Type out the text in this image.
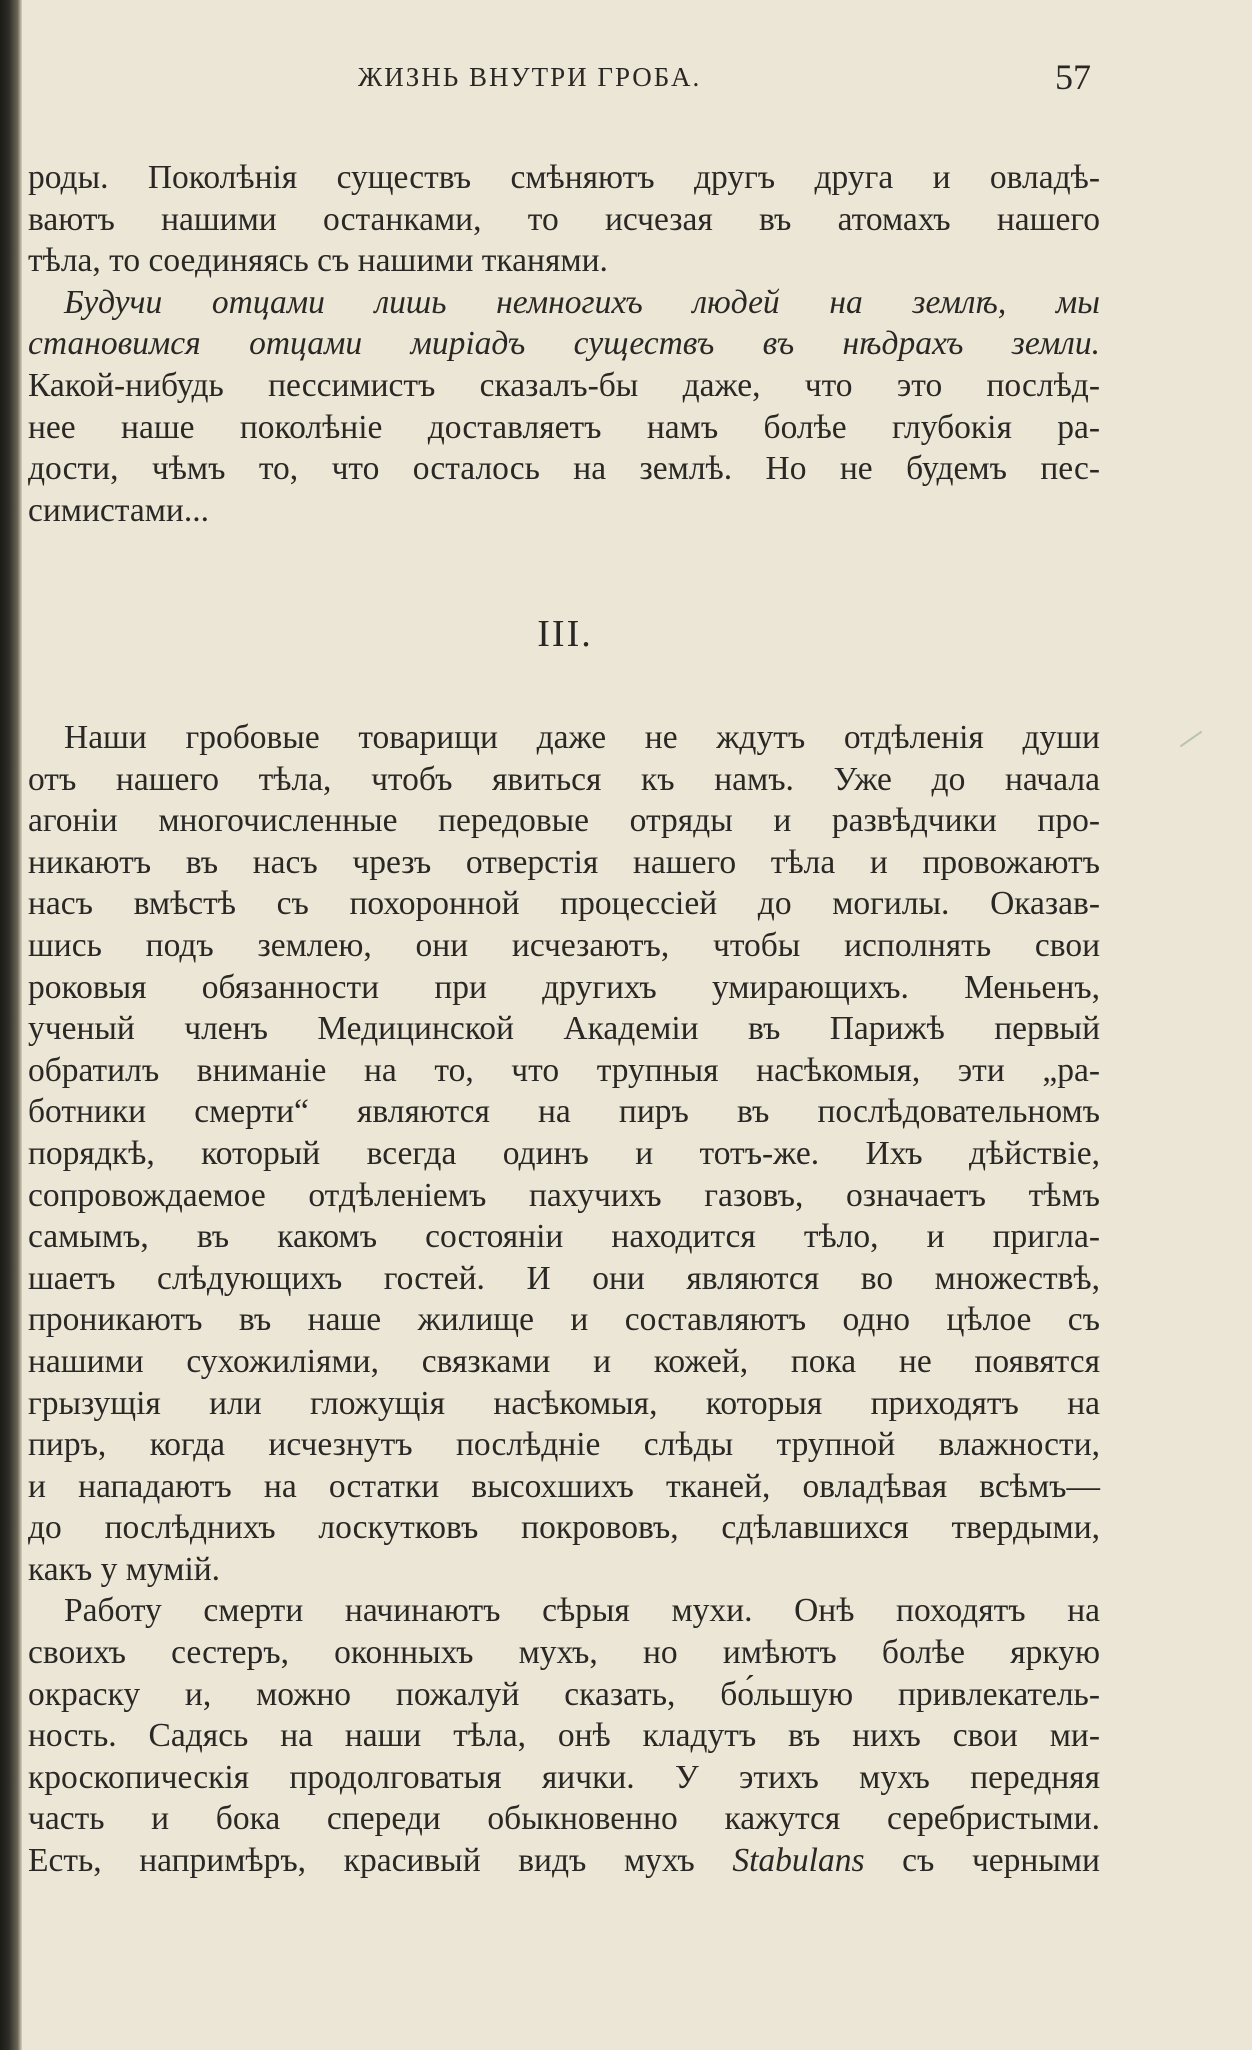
ЖИЗНЬ ВНУТРИ ГРОБА.	57
роды. Поколѣнія существъ смѣняютъ другъ друга и овладѣ-
ваютъ нашими останками, то исчезая въ атомахъ нашего
тѣла, то соединяясь съ нашими тканями.
Будучи отцами лишь немногихъ людей на землѣ, мы
становимся отцами миріадъ существъ въ нѣдрахъ земли.
Какой-нибудь пессимистъ сказалъ-бы даже, что это послѣд-
нее наше поколѣніе доставляетъ намъ болѣе глубокія ра-
дости, чѣмъ то, что осталось на землѣ. Но не будемъ пес-
симистами...
III.
Наши гробовые товарищи даже не ждутъ отдѣленія души
отъ нашего тѣла, чтобъ явиться къ намъ. Уже до начала
агоніи многочисленные передовые отряды и развѣдчики про-
никаютъ въ насъ чрезъ отверстія нашего тѣла и провожаютъ
насъ вмѣстѣ съ похоронной процессіей до могилы. Оказав-
шись подъ землею, они исчезаютъ, чтобы исполнять свои
роковыя обязанности при другихъ умирающихъ. Меньенъ,
ученый членъ Медицинской Академіи въ Парижѣ первый
обратилъ вниманіе на то, что трупныя насѣкомыя, эти „ра-
ботники смерти“ являются на пиръ въ послѣдовательномъ
порядкѣ, который всегда одинъ и тотъ-же. Ихъ дѣйствіе,
сопровождаемое отдѣленіемъ пахучихъ газовъ, означаетъ тѣмъ
самымъ, въ какомъ состояніи находится тѣло, и пригла-
шаетъ слѣдующихъ гостей. И они являются во множествѣ,
проникаютъ въ наше жилище и составляютъ одно цѣлое съ
нашими сухожиліями, связками и кожей, пока не появятся
грызущія или гложущія насѣкомыя, которыя приходятъ на
пиръ, когда исчезнутъ послѣдніе слѣды трупной влажности,
и нападаютъ на остатки высохшихъ тканей, овладѣвая всѣмъ—
до послѣднихъ лоскутковъ покрововъ, сдѣлавшихся твердыми,
какъ у мумій.
Работу смерти начинаютъ сѣрыя мухи. Онѣ походятъ на
своихъ сестеръ, оконныхъ мухъ, но имѣютъ болѣе яркую
окраску и, можно пожалуй сказать, бо́льшую привлекатель-
ность. Садясь на наши тѣла, онѣ кладутъ въ нихъ свои ми-
кроскопическія продолговатыя яички. У этихъ мухъ передняя
часть и бока спереди обыкновенно кажутся серебристыми.
Есть, напримѣръ, красивый видъ мухъ Stabulans съ черными
